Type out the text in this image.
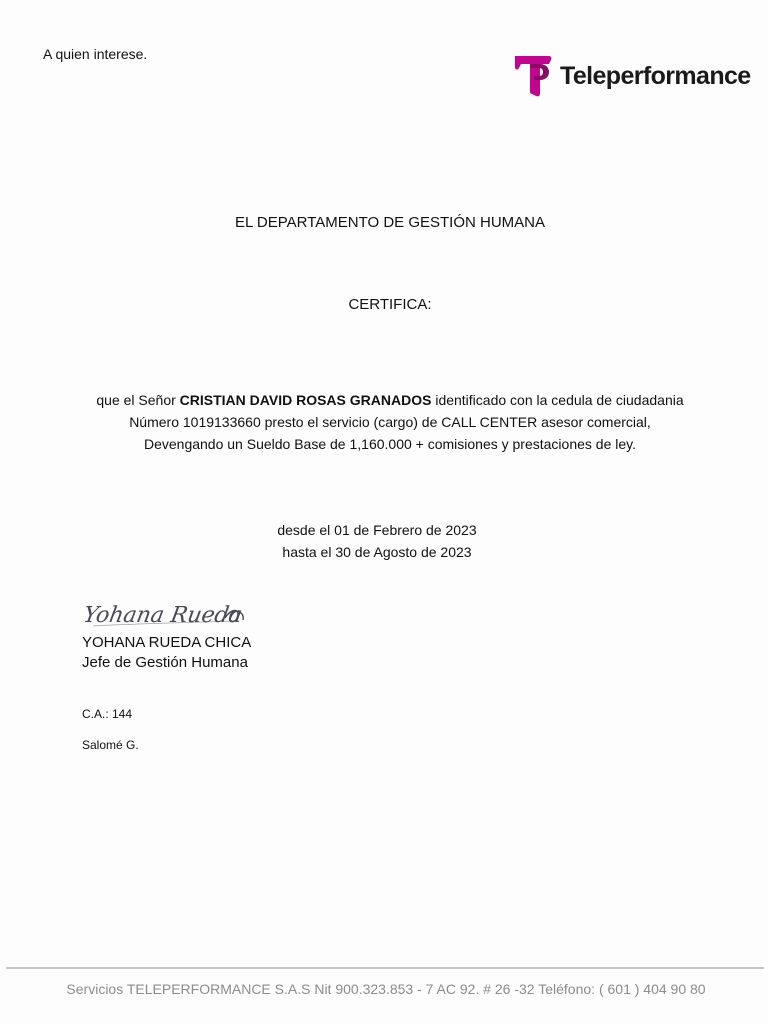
A quien interese.
Teleperformance
EL DEPARTAMENTO DE GESTIÓN HUMANA
CERTIFICA:
que el Señor CRISTIAN DAVID ROSAS GRANADOS identificado con la cedula de ciudadania
Número 1019133660 presto el servicio (cargo) de CALL CENTER asesor comercial,
Devengando un Sueldo Base de 1,160.000 + comisiones y prestaciones de ley.
desde el 01 de Febrero de 2023
hasta el 30 de Agosto de 2023
Yohana Rueda
YOHANA RUEDA CHICA
Jefe de Gestión Humana
C.A.: 144
Salomé G.
Servicios TELEPERFORMANCE S.A.S Nit 900.323.853 - 7 AC 92. # 26 -32 Teléfono: ( 601 ) 404 90 80
